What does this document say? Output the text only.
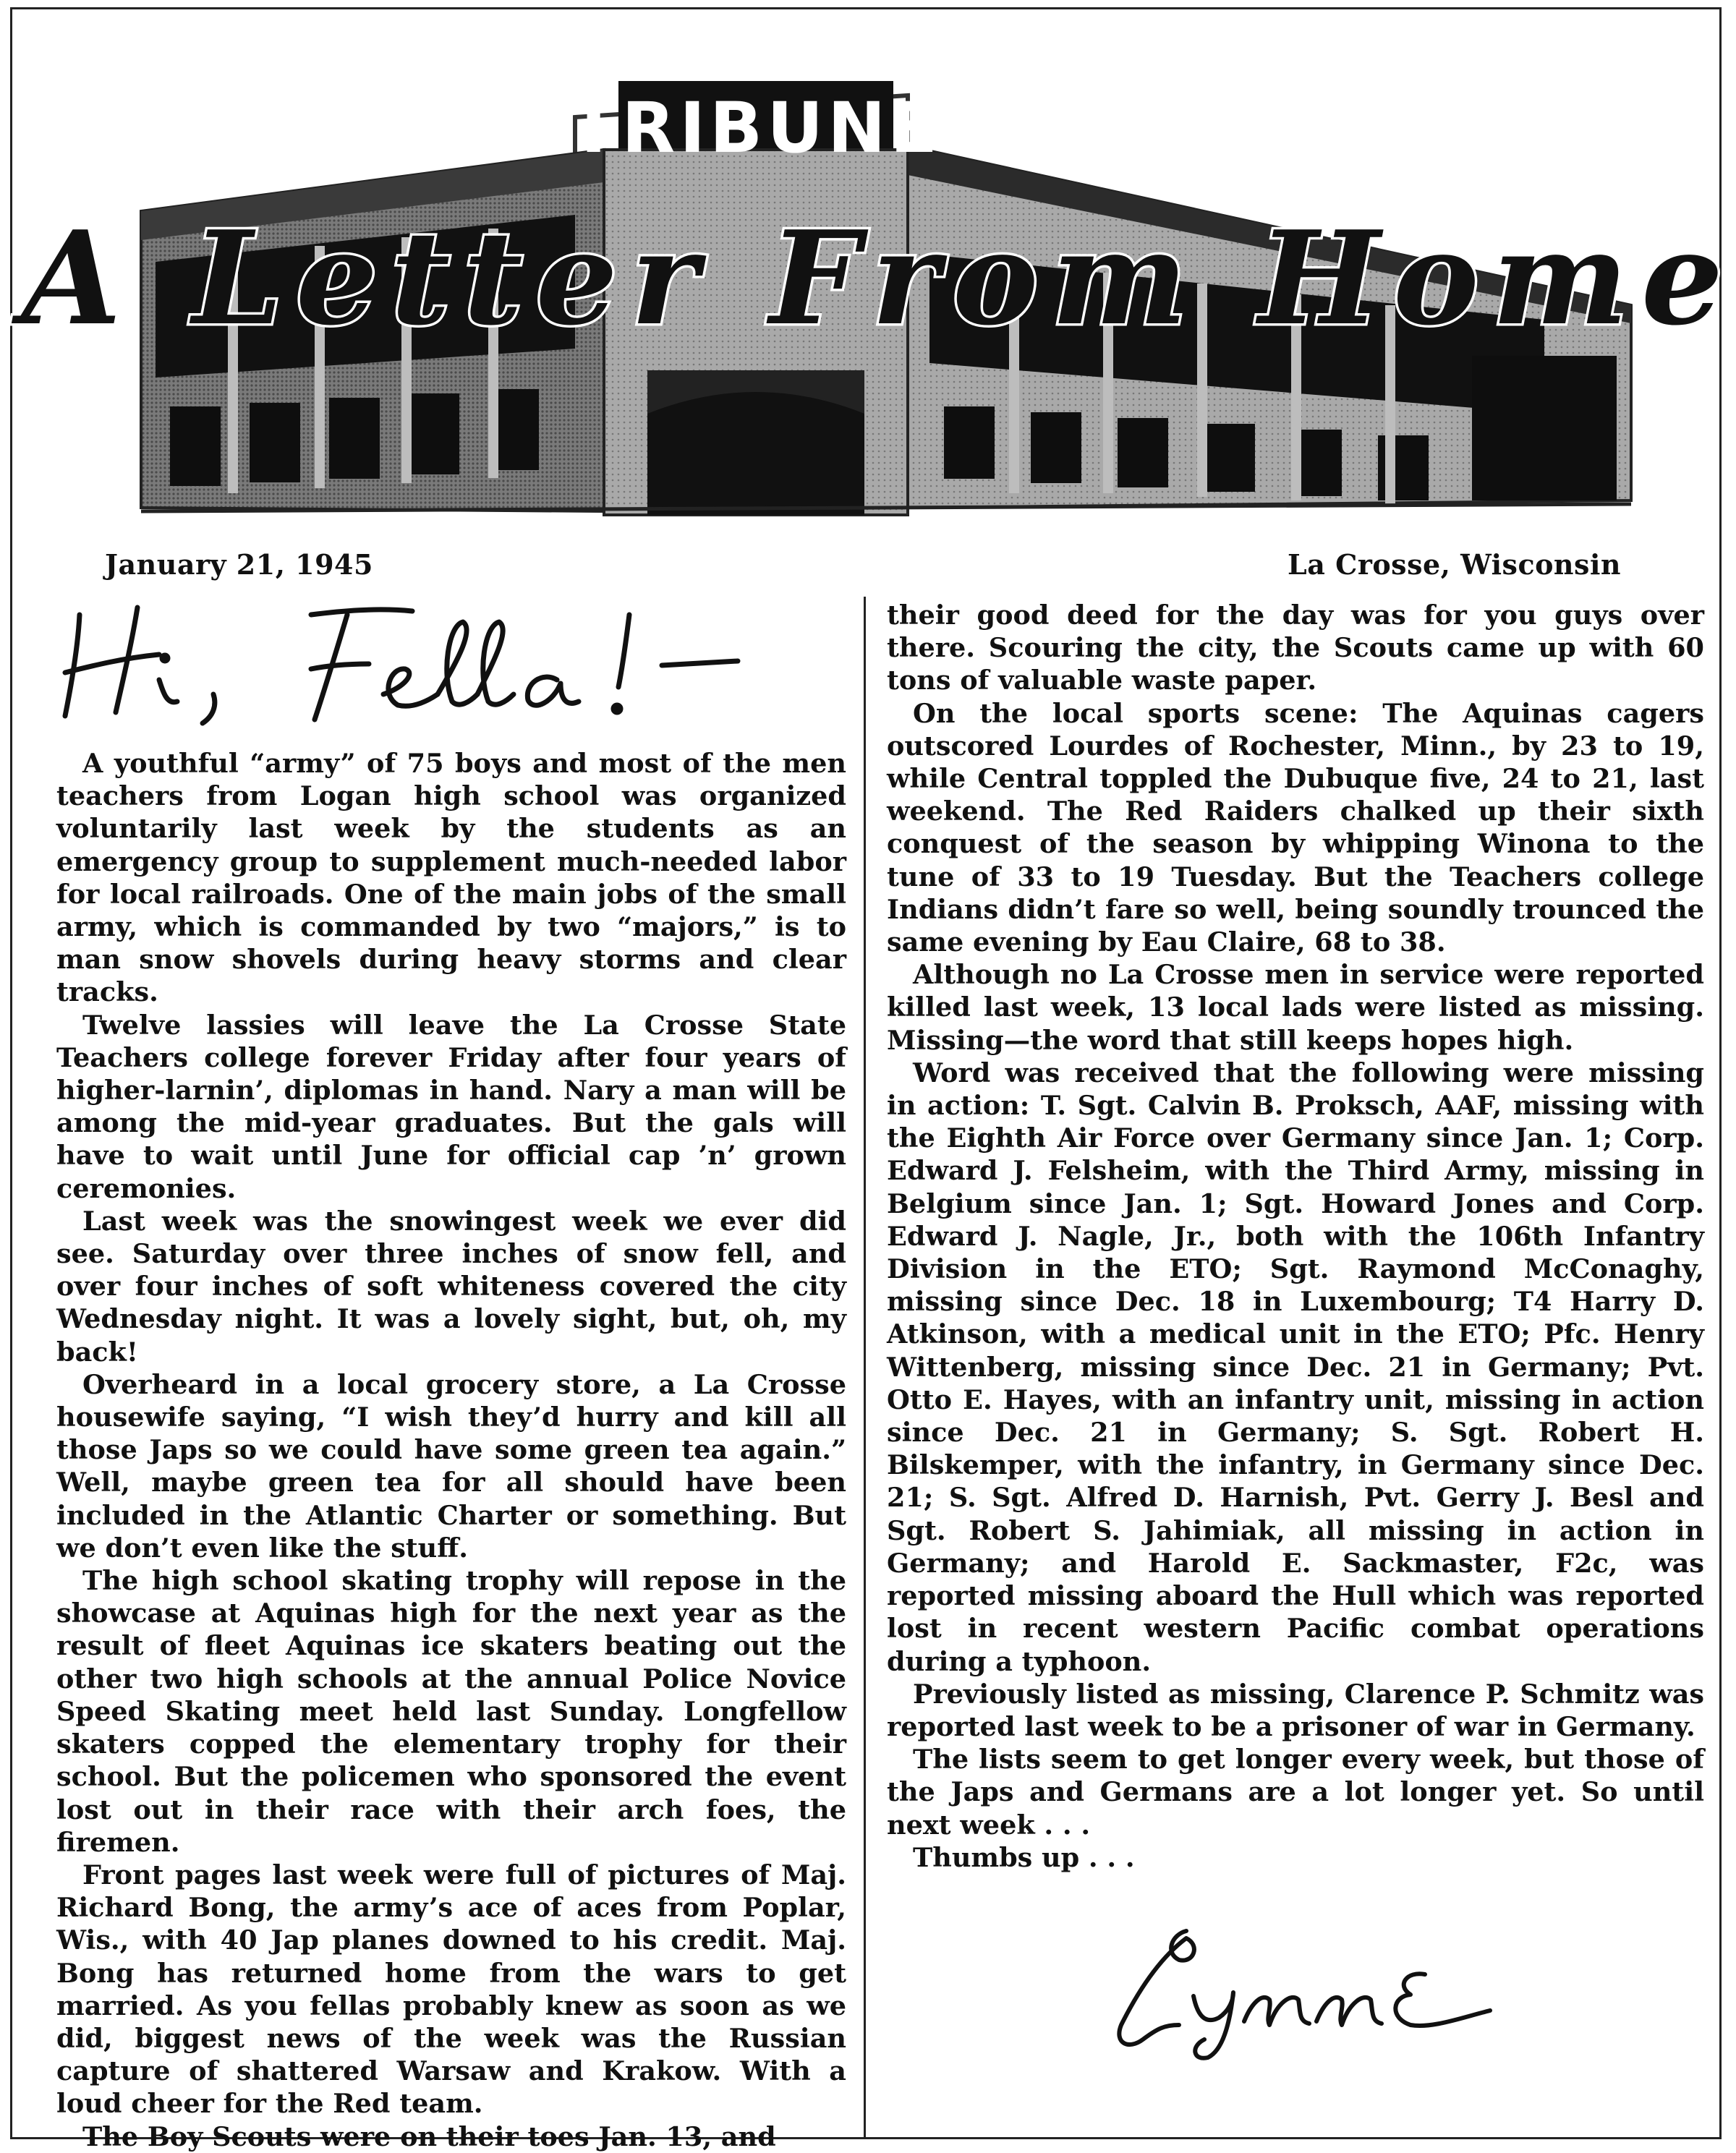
TRIBUNE
A Letter From Home
January 21, 1945	La Crosse, Wisconsin

A youthful “army” of 75 boys and most of the men teachers from Logan high school was organized voluntarily last week by the students as an emergency group to supplement much-needed labor for local railroads. One of the main jobs of the small army, which is commanded by two “majors,” is to man snow shovels during heavy storms and clear tracks.

Twelve lassies will leave the La Crosse State Teachers college forever Friday after four years of higher-larnin’, diplomas in hand. Nary a man will be among the mid-year graduates. But the gals will have to wait until June for official cap ’n’ grown ceremonies.

Last week was the snowingest week we ever did see. Saturday over three inches of snow fell, and over four inches of soft whiteness covered the city Wednesday night. It was a lovely sight, but, oh, my back!

Overheard in a local grocery store, a La Crosse housewife saying, “I wish they’d hurry and kill all those Japs so we could have some green tea again.” Well, maybe green tea for all should have been included in the Atlantic Charter or something. But we don’t even like the stuff.

The high school skating trophy will repose in the showcase at Aquinas high for the next year as the result of fleet Aquinas ice skaters beating out the other two high schools at the annual Police Novice Speed Skating meet held last Sunday. Longfellow skaters copped the elementary trophy for their school. But the policemen who sponsored the event lost out in their race with their arch foes, the firemen.

Front pages last week were full of pictures of Maj. Richard Bong, the army’s ace of aces from Poplar, Wis., with 40 Jap planes downed to his credit. Maj. Bong has returned home from the wars to get married. As you fellas probably knew as soon as we did, biggest news of the week was the Russian capture of shattered Warsaw and Krakow. With a loud cheer for the Red team.

The Boy Scouts were on their toes Jan. 13, and

their good deed for the day was for you guys over there. Scouring the city, the Scouts came up with 60 tons of valuable waste paper.

On the local sports scene: The Aquinas cagers outscored Lourdes of Rochester, Minn., by 23 to 19, while Central toppled the Dubuque five, 24 to 21, last weekend. The Red Raiders chalked up their sixth conquest of the season by whipping Winona to the tune of 33 to 19 Tuesday. But the Teachers college Indians didn’t fare so well, being soundly trounced the same evening by Eau Claire, 68 to 38.

Although no La Crosse men in service were reported killed last week, 13 local lads were listed as missing. Missing—the word that still keeps hopes high.

Word was received that the following were missing in action: T. Sgt. Calvin B. Proksch, AAF, missing with the Eighth Air Force over Germany since Jan. 1; Corp. Edward J. Felsheim, with the Third Army, missing in Belgium since Jan. 1; Sgt. Howard Jones and Corp. Edward J. Nagle, Jr., both with the 106th Infantry Division in the ETO; Sgt. Raymond McConaghy, missing since Dec. 18 in Luxembourg; T4 Harry D. Atkinson, with a medical unit in the ETO; Pfc. Henry Wittenberg, missing since Dec. 21 in Germany; Pvt. Otto E. Hayes, with an infantry unit, missing in action since Dec. 21 in Germany; S. Sgt. Robert H. Bilskemper, with the infantry, in Germany since Dec. 21; S. Sgt. Alfred D. Harnish, Pvt. Gerry J. Besl and Sgt. Robert S. Jahimiak, all missing in action in Germany; and Harold E. Sackmaster, F2c, was reported missing aboard the Hull which was reported lost in recent western Pacific combat operations during a typhoon.

Previously listed as missing, Clarence P. Schmitz was reported last week to be a prisoner of war in Germany.

The lists seem to get longer every week, but those of the Japs and Germans are a lot longer yet. So until next week . . .

Thumbs up . . .
